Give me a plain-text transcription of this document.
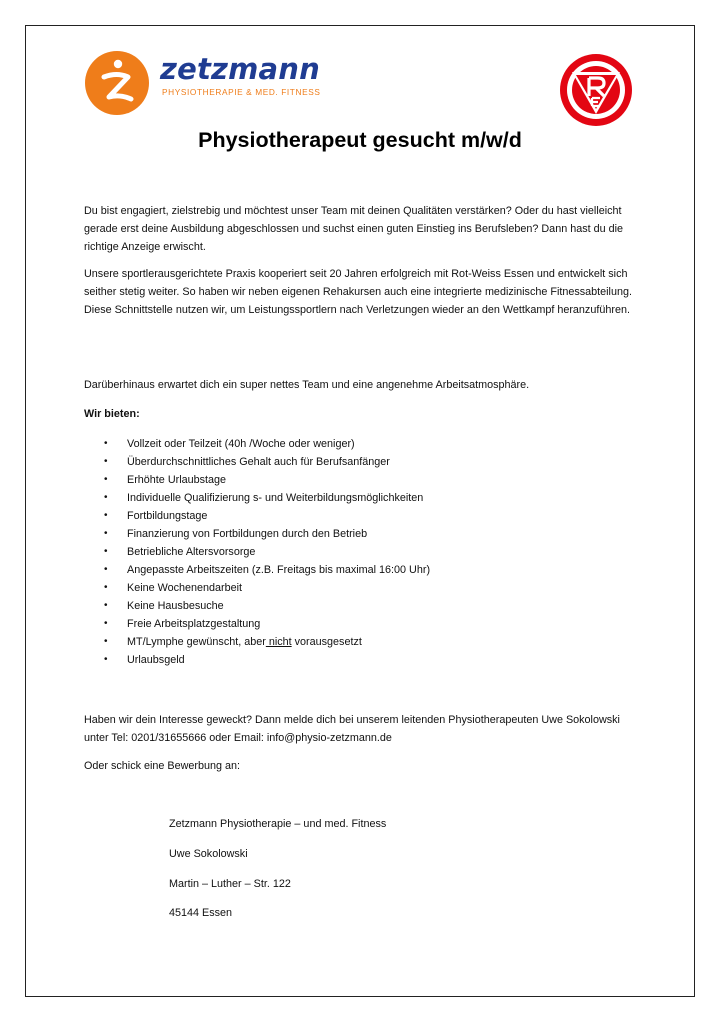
zetzmann
PHYSIOTHERAPIE & MED. FITNESS
Physiotherapeut gesucht m/w/d

Du bist engagiert, zielstrebig und möchtest unser Team mit deinen Qualitäten verstärken? Oder du hast vielleicht gerade erst deine Ausbildung abgeschlossen und suchst einen guten Einstieg ins Berufsleben? Dann hast du die richtige Anzeige erwischt.

Unsere sportlerausgerichtete Praxis kooperiert seit 20 Jahren erfolgreich mit Rot-Weiss Essen und entwickelt sich seither stetig weiter. So haben wir neben eigenen Rehakursen auch eine integrierte medizinische Fitnessabteilung. Diese Schnittstelle nutzen wir, um Leistungssportlern nach Verletzungen wieder an den Wettkampf heranzuführen.

Darüberhinaus erwartet dich ein super nettes Team und eine angenehme Arbeitsatmosphäre.

Wir bieten:
• Vollzeit oder Teilzeit (40h /Woche oder weniger)
• Überdurchschnittliches Gehalt auch für Berufsanfänger
• Erhöhte Urlaubstage
• Individuelle Qualifizierung s- und Weiterbildungsmöglichkeiten
• Fortbildungstage
• Finanzierung von Fortbildungen durch den Betrieb
• Betriebliche Altersvorsorge
• Angepasste Arbeitszeiten (z.B. Freitags bis maximal 16:00 Uhr)
• Keine Wochenendarbeit
• Keine Hausbesuche
• Freie Arbeitsplatzgestaltung
• MT/Lymphe gewünscht, aber nicht vorausgesetzt
• Urlaubsgeld

Haben wir dein Interesse geweckt? Dann melde dich bei unserem leitenden Physiotherapeuten Uwe Sokolowski unter Tel: 0201/31655666 oder Email: info@physio-zetzmann.de

Oder schick eine Bewerbung an:

Zetzmann Physiotherapie – und med. Fitness
Uwe Sokolowski
Martin – Luther – Str. 122
45144 Essen
